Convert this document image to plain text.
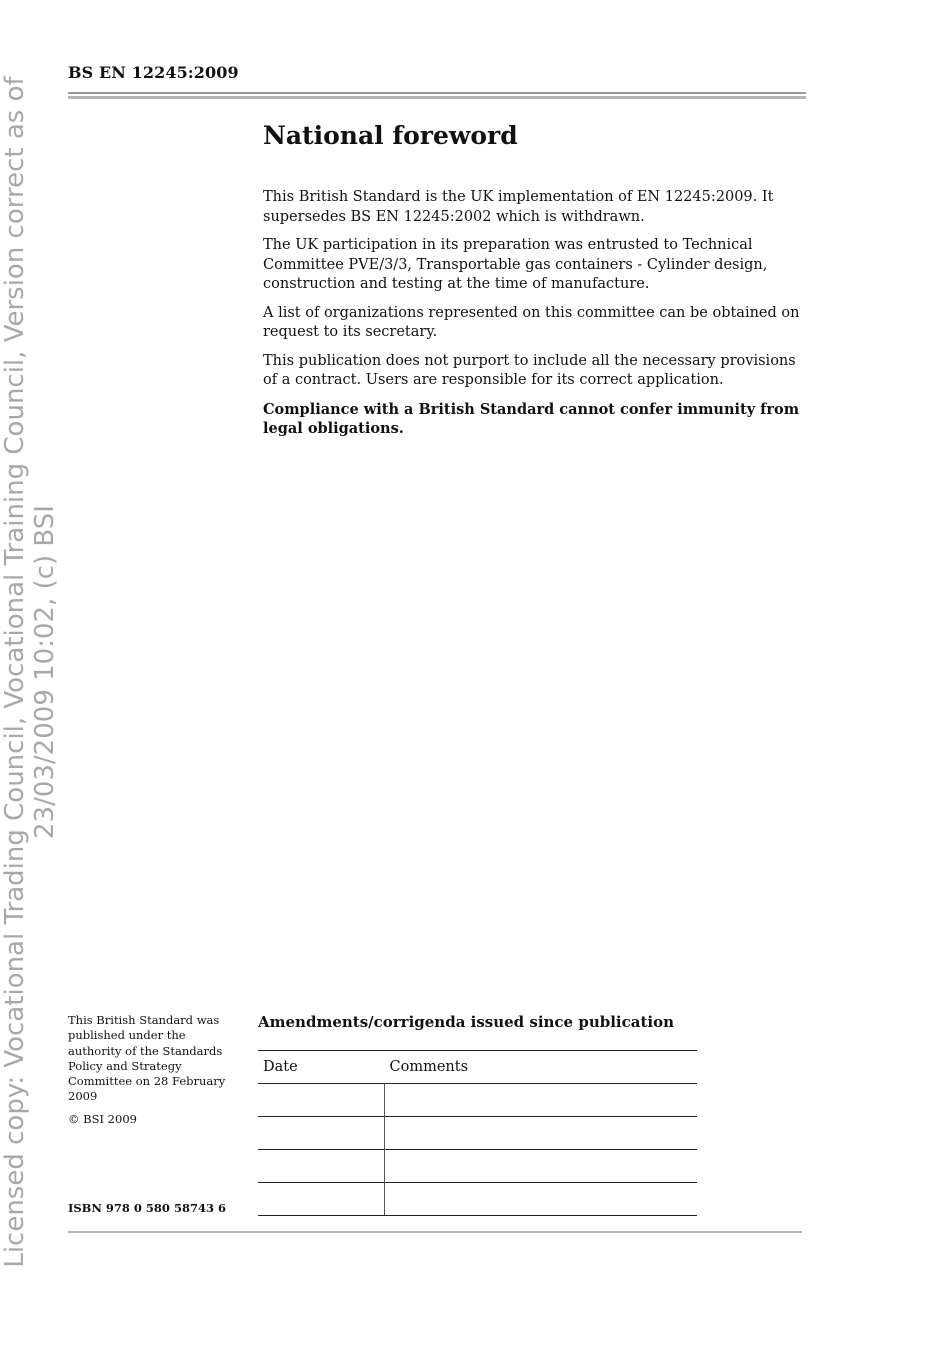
Licensed copy: Vocational Trading Council, Vocational Training Council, Version correct as of 23/03/2009 10:02, (c) BSI
BS EN 12245:2009
National foreword

This British Standard is the UK implementation of EN 12245:2009. It supersedes BS EN 12245:2002 which is withdrawn.

The UK participation in its preparation was entrusted to Technical Committee PVE/3/3, Transportable gas containers - Cylinder design, construction and testing at the time of manufacture.

A list of organizations represented on this committee can be obtained on request to its secretary.

This publication does not purport to include all the necessary provisions of a contract. Users are responsible for its correct application.

Compliance with a British Standard cannot confer immunity from legal obligations.

This British Standard was published under the authority of the Standards Policy and Strategy Committee on 28 February 2009

© BSI 2009

ISBN 978 0 580 58743 6
Amendments/corrigenda issued since publication
Date	Comments
